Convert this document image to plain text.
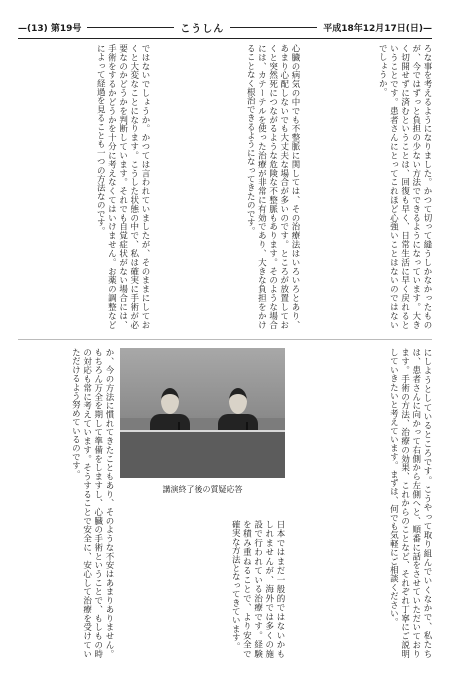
—(13) 第19号	こうしん	平成18年12月17日(日)—
ろな事を考えるようになりました。かつて切って縫うしかなかったものが、今ではずっと負担の少ない方法でできるようになっています。大きく切開せずに済むということは、回復も早く、日常生活に早く戻れるということです。患者さんにとってこれほど心強いことはないのではないでしょうか。
心臓の病気の中でも不整脈に関しては、その治療法はいろいろとあり、あまり心配しないでも大丈夫な場合が多いのです。ところが放置しておくと突然死につながるような危険な不整脈もあります。そのような場合には、カテーテルを使った治療が非常に有効であり、大きな負担をかけることなく根治できるようになってきたのです。
ではないでしょうか。かつては言われていましたが、そのままにしておくと大変なことになります。こうした状態の中で、私は確実に手術が必要なのかどうかを判断しています。それでも自覚症状がない場合には、手術をするかどうかを十分に考えなくてはいけません。お薬の調整などによって経過を見ることも一つの方法なのです。
にしようとしているところです。こうやって取り組んでいくなかで、私たちは、患者さんに向かって右側から左側へと、順番に話をさせていただいております。手術の方法、治療の効果、これからのことなど、それぞれ丁寧にご説明していきたいと考えています。まずは、何でも気軽にご相談ください。
講演終了後の質疑応答
日本ではまだ一般的ではないかもしれませんが、海外では多くの施設で行われている治療です。経験を積み重ねることで、より安全で確実な方法となってきています。
か、今の方法に慣れてきたこともあり、そのような不安はあまりありません。もちろん万全を期して準備をしますし、心臓の手術ということで、もしもの時の対応も常に考えています。そうすることで安全に、安心して治療を受けていただけるよう努めているのです。
